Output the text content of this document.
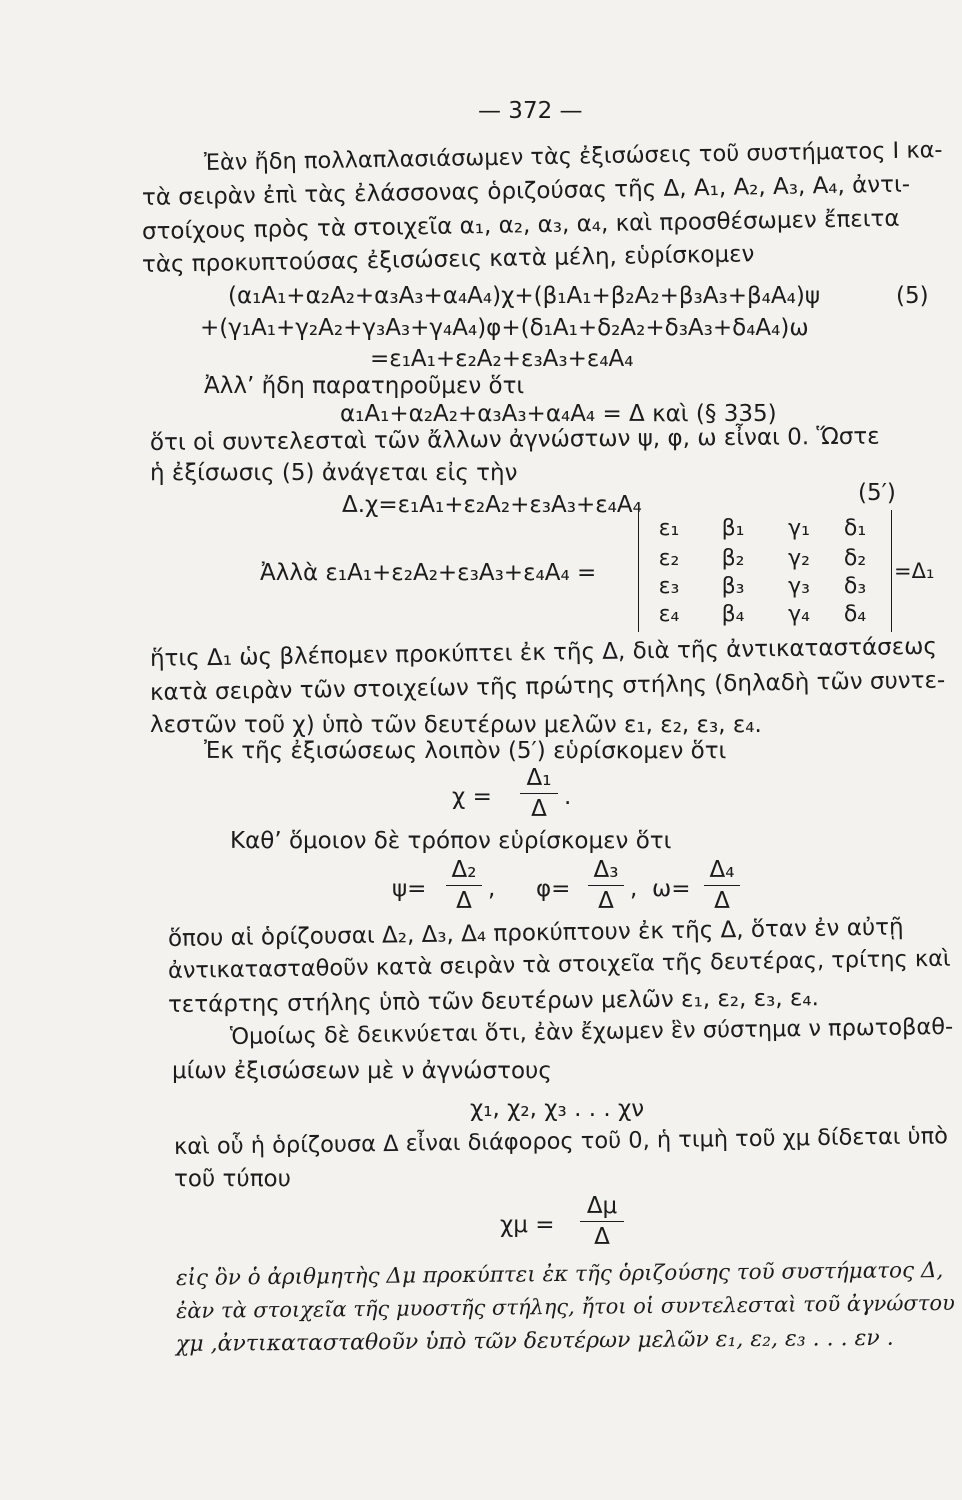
— 372 —
Ἐὰν ἤδη πολλαπλασιάσωμεν τὰς ἐξισώσεις τοῦ συστήματος I κα-
τὰ σειρὰν ἐπὶ τὰς ἐλάσσονας ὁριζούσας τῆς Δ, A₁, A₂, A₃, A₄, ἀντι-
στοίχους πρὸς τὰ στοιχεῖα α₁, α₂, α₃, α₄, καὶ προσθέσωμεν ἔπειτα
τὰς προκυπτούσας ἐξισώσεις κατὰ μέλη, εὑρίσκομεν
(α₁A₁+α₂A₂+α₃A₃+α₄A₄)χ+(β₁A₁+β₂A₂+β₃A₃+β₄A₄)ψ	(5)
+(γ₁A₁+γ₂A₂+γ₃A₃+γ₄A₄)φ+(δ₁A₁+δ₂A₂+δ₃A₃+δ₄A₄)ω
=ε₁A₁+ε₂A₂+ε₃A₃+ε₄A₄
Ἀλλ’ ἤδη παρατηροῦμεν ὅτι
α₁A₁+α₂A₂+α₃A₃+α₄A₄ = Δ καὶ (§ 335)
ὅτι οἱ συντελεσταὶ τῶν ἄλλων ἀγνώστων ψ, φ, ω εἶναι 0. Ὥστε
ἡ ἐξίσωσις (5) ἀνάγεται εἰς τὴν
Δ.χ=ε₁A₁+ε₂A₂+ε₃A₃+ε₄A₄	(5′)
Ἀλλὰ ε₁A₁+ε₂A₂+ε₃A₃+ε₄A₄ =
ε₁	β₁	γ₁	δ₁
ε₂	β₂	γ₂	δ₂
ε₃	β₃	γ₃	δ₃
ε₄	β₄	γ₄	δ₄
=Δ₁
ἥτις Δ₁ ὡς βλέπομεν προκύπτει ἐκ τῆς Δ, διὰ τῆς ἀντικαταστάσεως
κατὰ σειρὰν τῶν στοιχείων τῆς πρώτης στήλης (δηλαδὴ τῶν συντε-
λεστῶν τοῦ χ) ὑπὸ τῶν δευτέρων μελῶν ε₁, ε₂, ε₃, ε₄.
Ἐκ τῆς ἐξισώσεως λοιπὸν (5′) εὑρίσκομεν ὅτι
χ =
Δ₁
Δ .
Καθ’ ὅμοιον δὲ τρόπον εὑρίσκομεν ὅτι
ψ=
Δ₂
Δ , φ=
Δ₃
Δ , ω=
Δ₄
Δ
ὅπου αἱ ὁρίζουσαι Δ₂, Δ₃, Δ₄ προκύπτουν ἐκ τῆς Δ, ὅταν ἐν αὐτῇ
ἀντικατασταθοῦν κατὰ σειρὰν τὰ στοιχεῖα τῆς δευτέρας, τρίτης καὶ
τετάρτης στήλης ὑπὸ τῶν δευτέρων μελῶν ε₁, ε₂, ε₃, ε₄.
Ὁμοίως δὲ δεικνύεται ὅτι, ἐὰν ἔχωμεν ἓν σύστημα ν πρωτοβαθ-
μίων ἐξισώσεων μὲ ν ἀγνώστους
χ₁, χ₂, χ₃ . . . χν
καὶ οὗ ἡ ὁρίζουσα Δ εἶναι διάφορος τοῦ 0, ἡ τιμὴ τοῦ χμ δίδεται ὑπὸ
τοῦ τύπου
χμ =
Δμ
Δ
εἰς ὃν ὁ ἀριθμητὴς Δμ προκύπτει ἐκ τῆς ὁριζούσης τοῦ συστήματος Δ,
ἐὰν τὰ στοιχεῖα τῆς μυοστῆς στήλης, ἤτοι οἱ συντελεσταὶ τοῦ ἀγνώστου
χμ ,ἀντικατασταθοῦν ὑπὸ τῶν δευτέρων μελῶν ε₁, ε₂, ε₃ . . . εν .
